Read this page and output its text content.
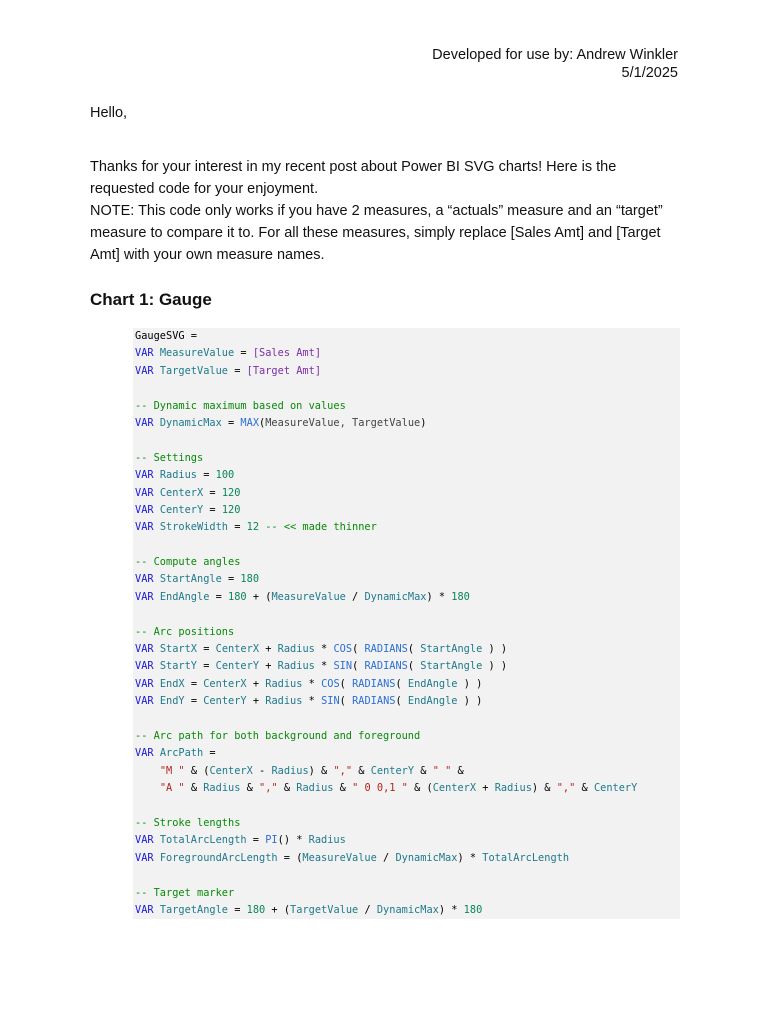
Developed for use by: Andrew Winkler
5/1/2025
Hello,

Thanks for your interest in my recent post about Power BI SVG charts! Here is the requested code for your enjoyment.

NOTE: This code only works if you have 2 measures, a “actuals” measure and an “target” measure to compare it to. For all these measures, simply replace [Sales Amt] and [Target Amt] with your own measure names.

Chart 1: Gauge
GaugeSVG =
VAR MeasureValue = [Sales Amt]
VAR TargetValue = [Target Amt]

-- Dynamic maximum based on values
VAR DynamicMax = MAX(MeasureValue, TargetValue)

-- Settings
VAR Radius = 100
VAR CenterX = 120
VAR CenterY = 120
VAR StrokeWidth = 12 -- << made thinner

-- Compute angles
VAR StartAngle = 180
VAR EndAngle = 180 + (MeasureValue / DynamicMax) * 180

-- Arc positions
VAR StartX = CenterX + Radius * COS( RADIANS( StartAngle ) )
VAR StartY = CenterY + Radius * SIN( RADIANS( StartAngle ) )
VAR EndX = CenterX + Radius * COS( RADIANS( EndAngle ) )
VAR EndY = CenterY + Radius * SIN( RADIANS( EndAngle ) )

-- Arc path for both background and foreground
VAR ArcPath =
"M " & (CenterX - Radius) & "," & CenterY & " " &
"A " & Radius & "," & Radius & " 0 0,1 " & (CenterX + Radius) & "," & CenterY

-- Stroke lengths
VAR TotalArcLength = PI() * Radius
VAR ForegroundArcLength = (MeasureValue / DynamicMax) * TotalArcLength

-- Target marker
VAR TargetAngle = 180 + (TargetValue / DynamicMax) * 180
